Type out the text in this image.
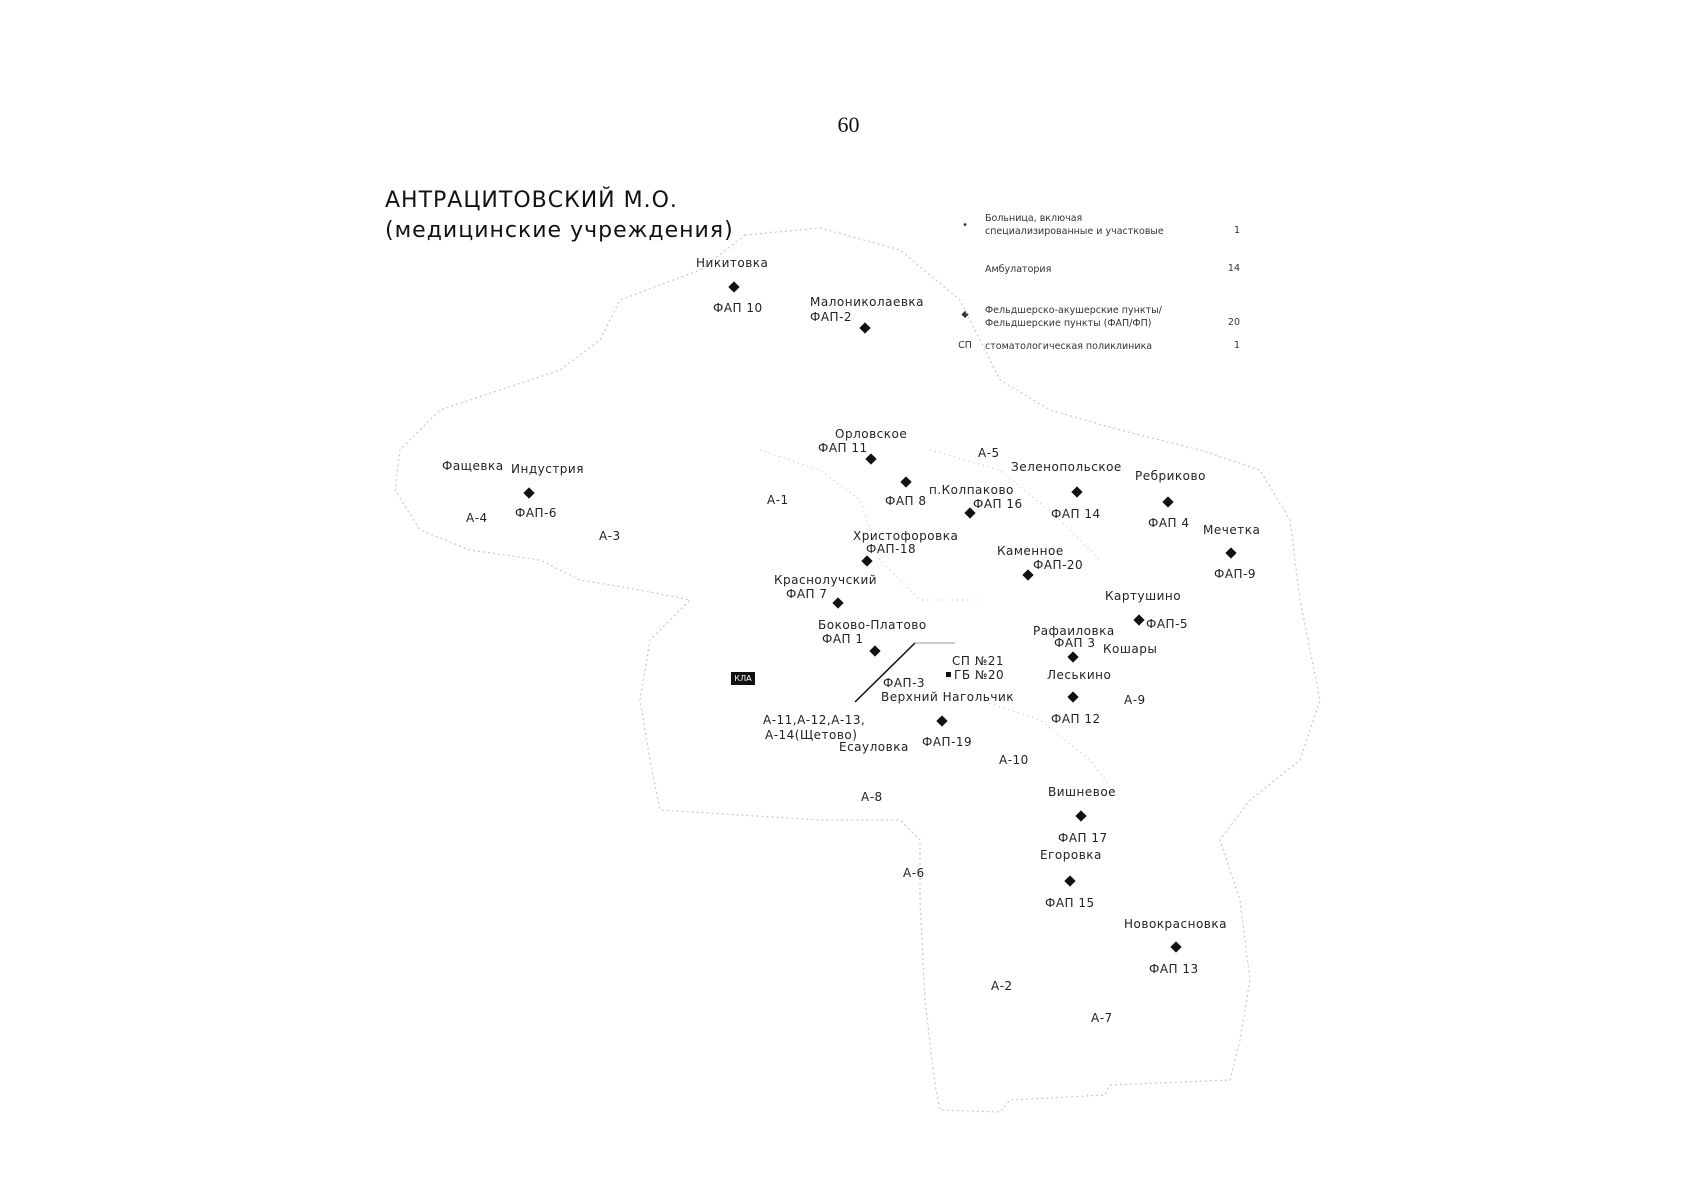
60
АНТРАЦИТОВСКИЙ М.О.
(медицинские учреждения)	•
Больница, включая
специализированные и участковые	1
Амбулатория	14
◆	Фельдшерско-акушерские пункты/
Фельдшерские пункты (ФАП/ФП)	20
СП	стоматологическая поликлиника	1
КЛА
Никитовка
ФАП 10	Малониколаевка
ФАП-2
Орловское
ФАП 11
Фащевка Индустрия
ФАП-6
ФАП 8
п.Колпаково
ФАП 16
Зеленопольское
ФАП 14
Ребриково
ФАП 4 Мечетка
ФАП-9
Христофоровка
ФАП-18	Каменное
ФАП-20
Краснолучский
ФАП 7	Картушино
ФАП-5
Боково-Платово
ФАП 1
Рафаиловка
ФАП 3 Кошары
Леськино
ФАП 12
ФАП-3
Верхний Нагольчик
Есауловка ФАП-19
Вишневое
ФАП 17
Егоровка
ФАП 15
Новокрасновка
ФАП 13
СП №21
ГБ №20
А-1
А-2
А-3
А-4
А-5
А-6
А-7
А-8
А-9
А-10
А-11,А-12,А-13,
А-14(Щетово)
